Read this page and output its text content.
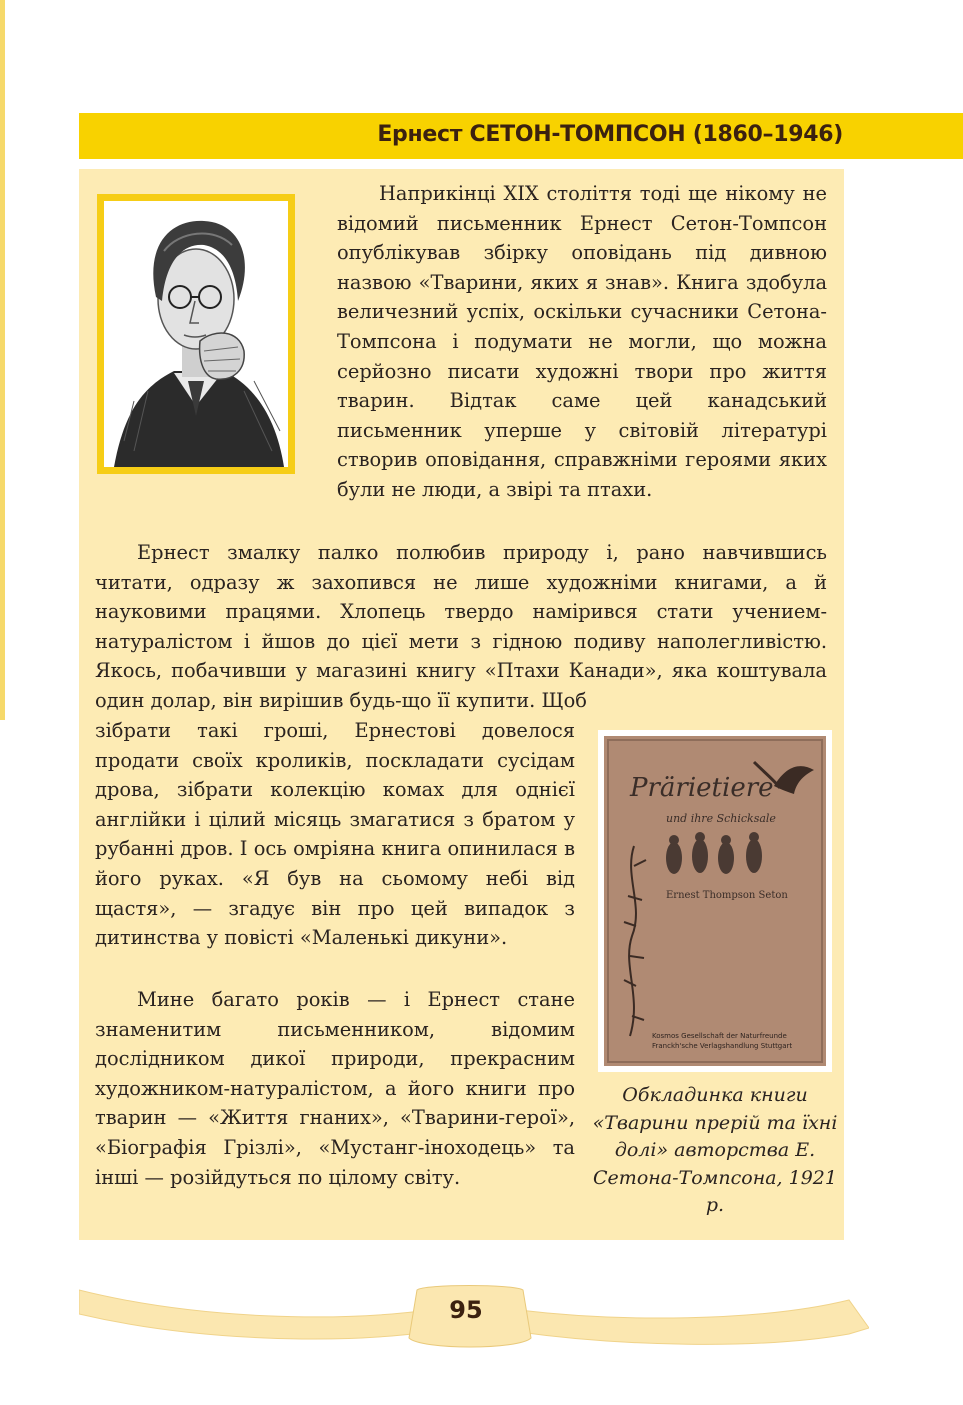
Ернест СЕТОН-ТОМПСОН (1860–1946)

Наприкінці XIX століття тоді ще нікому не відомий письменник Ернест Сетон-Томпсон опублікував збірку оповідань під дивною назвою «Тварини, яких я знав». Книга здобула величезний успіх, оскільки сучасники Сетона-Томпсона і подумати не могли, що можна серйозно писати художні твори про життя тварин. Відтак саме цей канадський письменник уперше у світовій літературі створив оповідання, справжніми героями яких були не люди, а звірі та птахи.

Ернест змалку палко полюбив природу і, рано навчившись читати, одразу ж захопився не лише художніми книгами, а й науковими працями. Хлопець твердо намірився стати учением-натуралістом і йшов до цієї мети з гідною подиву наполегливістю. Якось, побачивши у магазині книгу «Птахи Канади», яка коштувала один долар, він вирішив будь-що її купити. Щоб

зібрати такі гроші, Ернестові довелося продати своїх кроликів, поскладати сусідам дрова, зібрати колекцію комах для однієї англійки і цілий місяць змагатися з братом у рубанні дров. І ось омріяна книга опинилася в його руках. «Я був на сьомому небі від щастя», — згадує він про цей випадок з дитинства у повісті «Маленькі дикуни».

Мине багато років — і Ернест стане знаменитим письменником, відомим дослідником дикої природи, прекрасним художником-натуралістом, а його книги про тварин — «Життя гнаних», «Тварини-герої», «Біографія Грізлі», «Мустанг-іноходець» та інші — розійдуться по цілому світу.

Prärietiere
und ihre Schicksale
Ernest Thompson Seton
Kosmos Gesellschaft der Naturfreunde
Franckh'sche Verlagshandlung Stuttgart

Обкладинка книги «Тварини прерій та їхні долі» авторства Е. Сетона-Томпсона, 1921 р.

95
